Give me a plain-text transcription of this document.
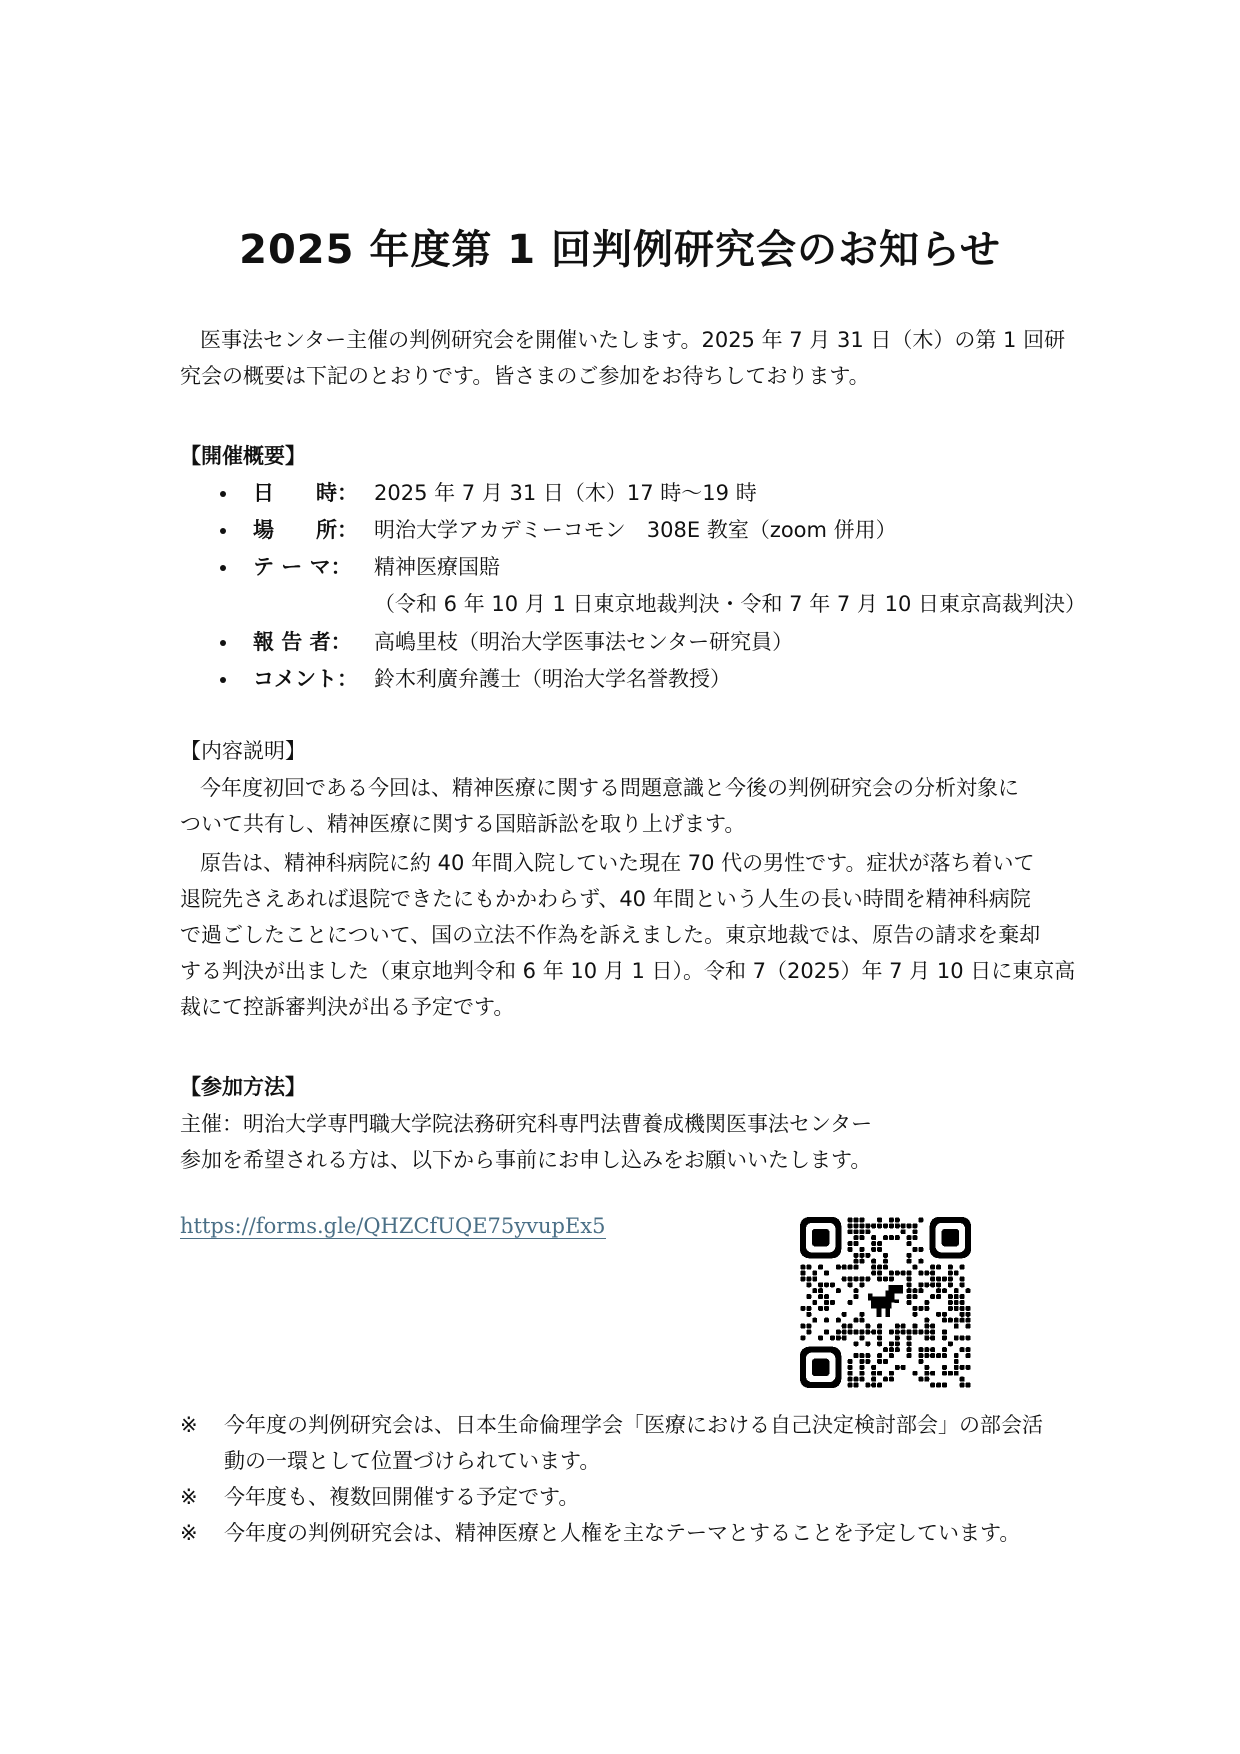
2025 年度第 1 回判例研究会のお知らせ
医事法センター主催の判例研究会を開催いたします。2025 年 7 月 31 日（木）の第 1 回研
究会の概要は下記のとおりです。皆さまのご参加をお待ちしております。
【開催概要】
日　　時： 2025 年 7 月 31 日（木）17 時〜19 時
場　　所： 明治大学アカデミーコモン　308E 教室（zoom 併用）
テ ー マ： 精神医療国賠
（令和 6 年 10 月 1 日東京地裁判決・令和 7 年 7 月 10 日東京高裁判決）
報 告 者： 高嶋里枝（明治大学医事法センター研究員）
コメント： 鈴木利廣弁護士（明治大学名誉教授）
【内容説明】
今年度初回である今回は、精神医療に関する問題意識と今後の判例研究会の分析対象に
ついて共有し、精神医療に関する国賠訴訟を取り上げます。
原告は、精神科病院に約 40 年間入院していた現在 70 代の男性です。症状が落ち着いて
退院先さえあれば退院できたにもかかわらず、40 年間という人生の長い時間を精神科病院
で過ごしたことについて、国の立法不作為を訴えました。東京地裁では、原告の請求を棄却
する判決が出ました（東京地判令和 6 年 10 月 1 日）。令和 7（2025）年 7 月 10 日に東京高
裁にて控訴審判決が出る予定です。
【参加方法】
主催：明治大学専門職大学院法務研究科専門法曹養成機関医事法センター
参加を希望される方は、以下から事前にお申し込みをお願いいたします。
https://forms.gle/QHZCfUQE75yvupEx5
※ 今年度の判例研究会は、日本生命倫理学会「医療における自己決定検討部会」の部会活
動の一環として位置づけられています。
※ 今年度も、複数回開催する予定です。
※ 今年度の判例研究会は、精神医療と人権を主なテーマとすることを予定しています。
